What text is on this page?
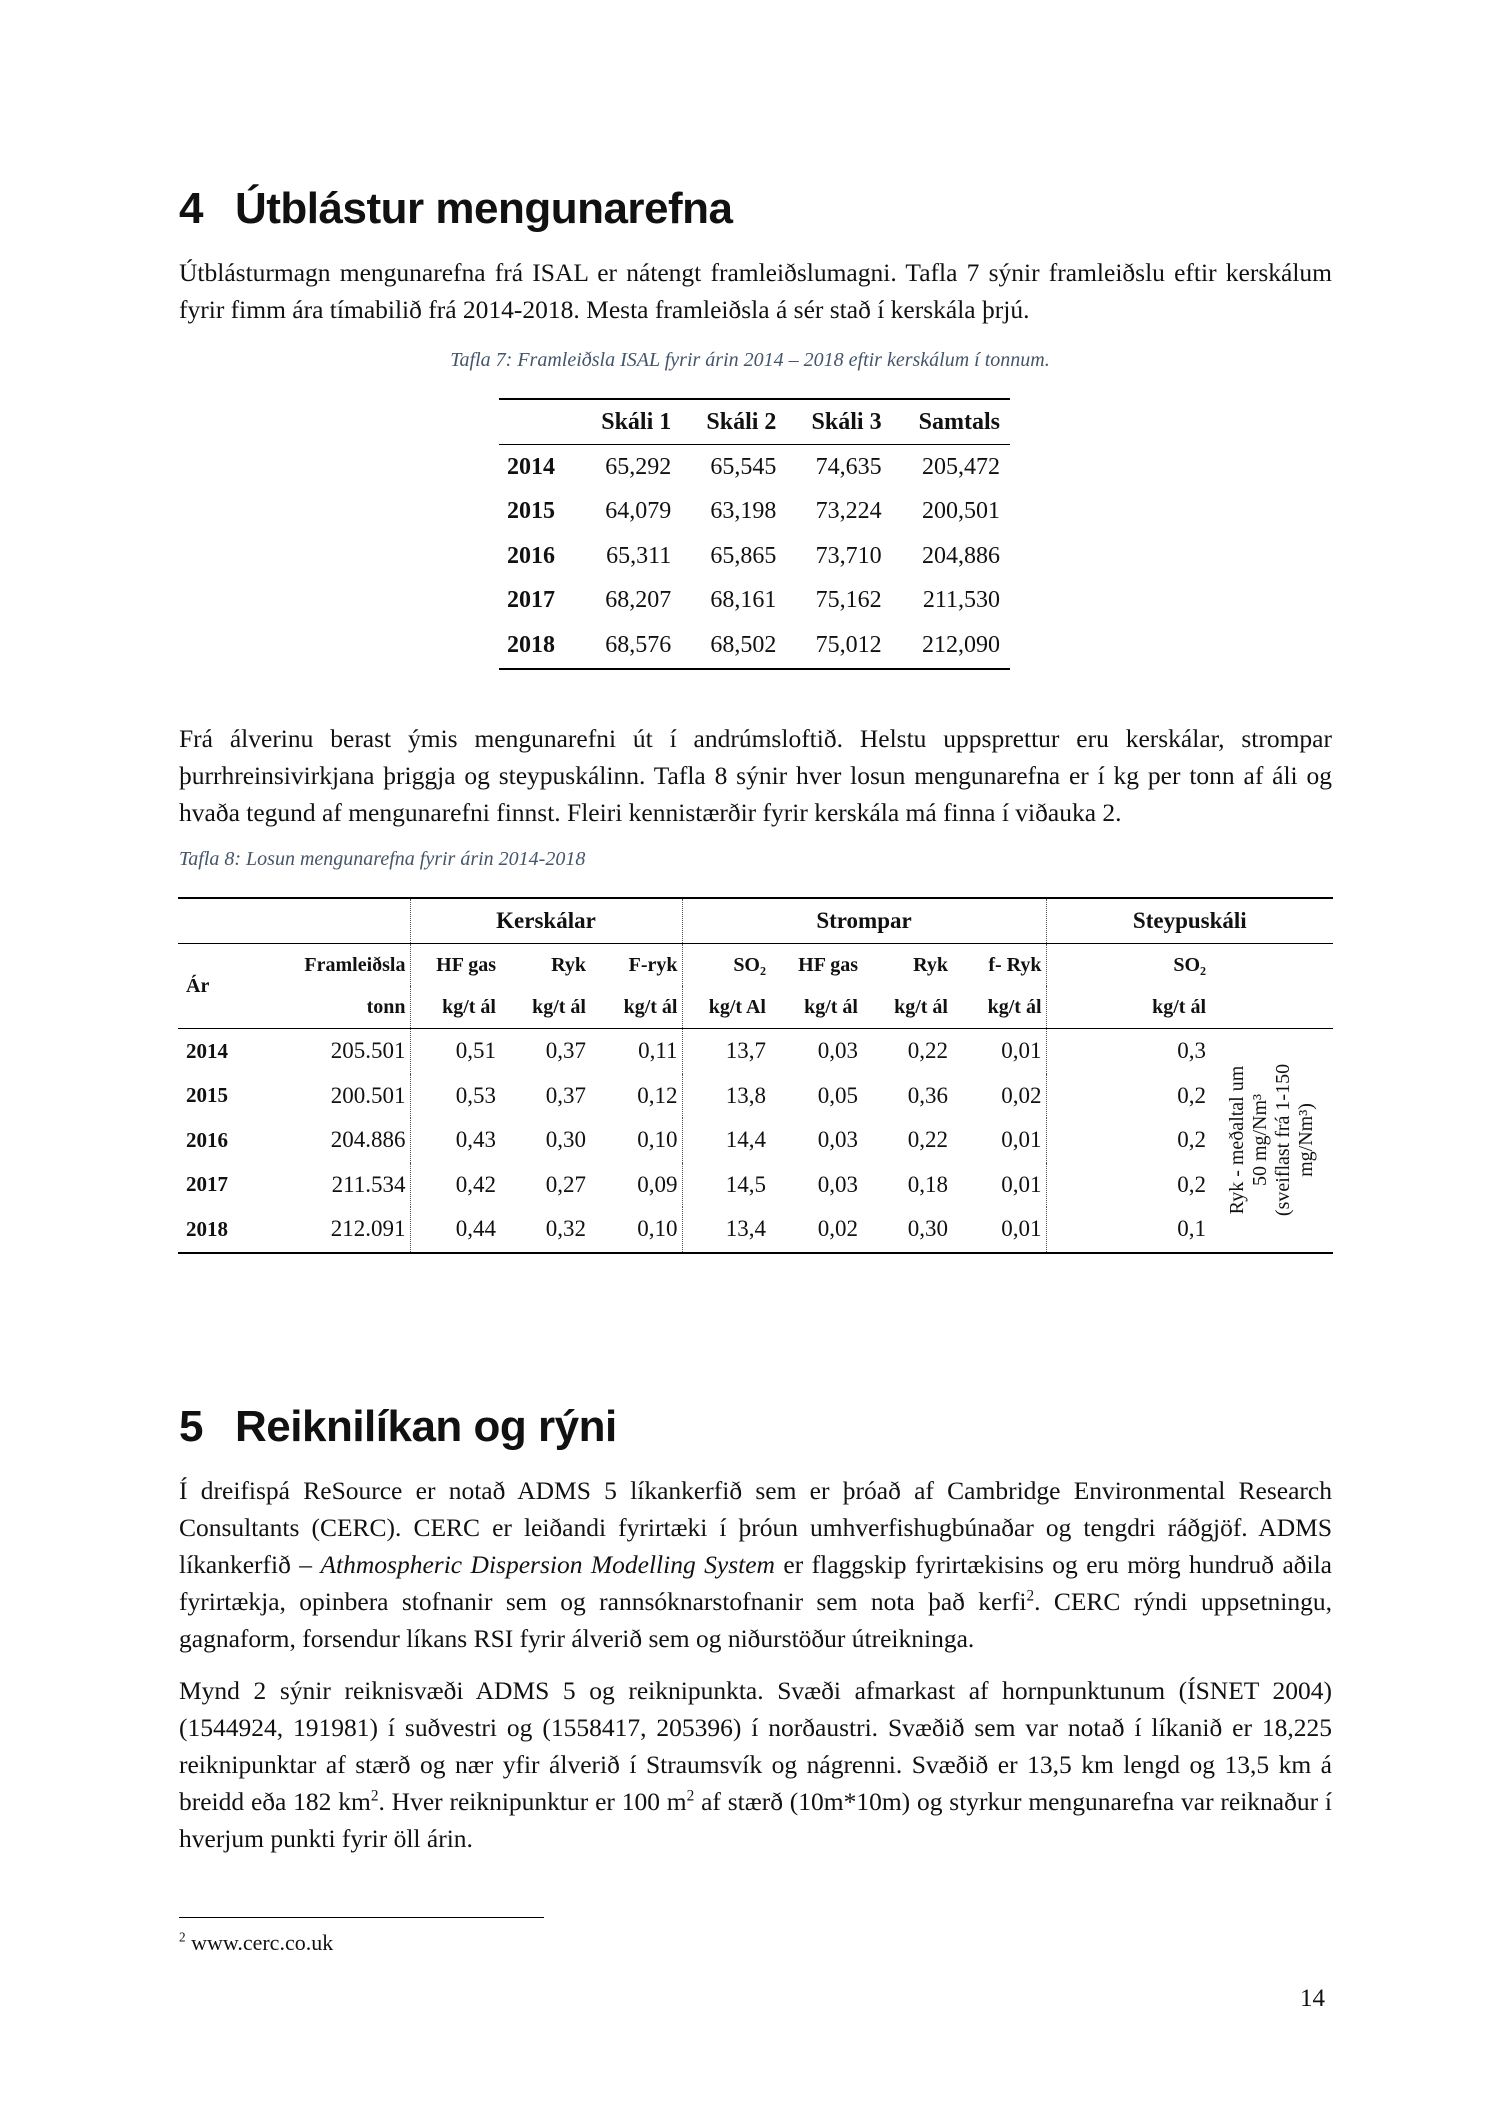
4 Útblástur mengunarefna

Útblásturmagn mengunarefna frá ISAL er nátengt framleiðslumagni. Tafla 7 sýnir framleiðslu eftir kerskálum fyrir fimm ára tímabilið frá 2014-2018. Mesta framleiðsla á sér stað í kerskála þrjú.

Tafla 7: Framleiðsla ISAL fyrir árin 2014 – 2018 eftir kerskálum í tonnum.
	Skáli 1	Skáli 2	Skáli 3	Samtals
2014	65,292	65,545	74,635	205,472
2015	64,079	63,198	73,224	200,501
2016	65,311	65,865	73,710	204,886
2017	68,207	68,161	75,162	211,530
2018	68,576	68,502	75,012	212,090

Frá álverinu berast ýmis mengunarefni út í andrúmsloftið. Helstu uppsprettur eru kerskálar, strompar þurrhreinsivirkjana þriggja og steypuskálinn. Tafla 8 sýnir hver losun mengunarefna er í kg per tonn af áli og hvaða tegund af mengunarefni finnst. Fleiri kennistærðir fyrir kerskála má finna í viðauka 2.

Tafla 8: Losun mengunarefna fyrir árin 2014-2018
		Kerskálar			Strompar				Steypuskáli	
Ár	Framleiðsla	HF gas	Ryk	F-ryk	SO₂	HF gas	Ryk	f- Ryk	SO₂	
	tonn	kg/t ál	kg/t ál	kg/t ál	kg/t Al	kg/t ál	kg/t ál	kg/t ál	kg/t ál	
2014	205.501	0,51	0,37	0,11	13,7	0,03	0,22	0,01	0,3	Ryk - meðaltal um
50 mg/Nm³
(sveiflast frá 1-150
mg/Nm³)

2015	200.501	0,53	0,37	0,12	13,8	0,05	0,36	0,02	0,2	
2016	204.886	0,43	0,30	0,10	14,4	0,03	0,22	0,01	0,2	
2017	211.534	0,42	0,27	0,09	14,5	0,03	0,18	0,01	0,2	
2018	212.091	0,44	0,32	0,10	13,4	0,02	0,30	0,01	0,1	
5 Reiknilíkan og rýni

Í dreifispá ReSource er notað ADMS 5 líkankerfið sem er þróað af Cambridge Environmental Research Consultants (CERC). CERC er leiðandi fyrirtæki í þróun umhverfishugbúnaðar og tengdri ráðgjöf. ADMS líkankerfið – Athmospheric Dispersion Modelling System er flaggskip fyrirtækisins og eru mörg hundruð aðila fyrirtækja, opinbera stofnanir sem og rannsóknarstofnanir sem nota það kerfi$^2$. CERC rýndi uppsetningu, gagnaform, forsendur líkans RSI fyrir álverið sem og niðurstöður útreikninga.

Mynd 2 sýnir reiknisvæði ADMS 5 og reiknipunkta. Svæði afmarkast af hornpunktunum (ÍSNET 2004) (1544924, 191981) í suðvestri og (1558417, 205396) í norðaustri. Svæðið sem var notað í líkanið er 18,225 reiknipunktar af stærð og nær yfir álverið í Straumsvík og nágrenni. Svæðið er 13,5 km lengd og 13,5 km á breidd eða 182 $km^2$. Hver reiknipunktur er 100 $m^2$ af stærð (10m*10m) og styrkur mengunarefna var reiknaður í hverjum punkti fyrir öll árin.

$^2$ www.cerc.co.uk
14
